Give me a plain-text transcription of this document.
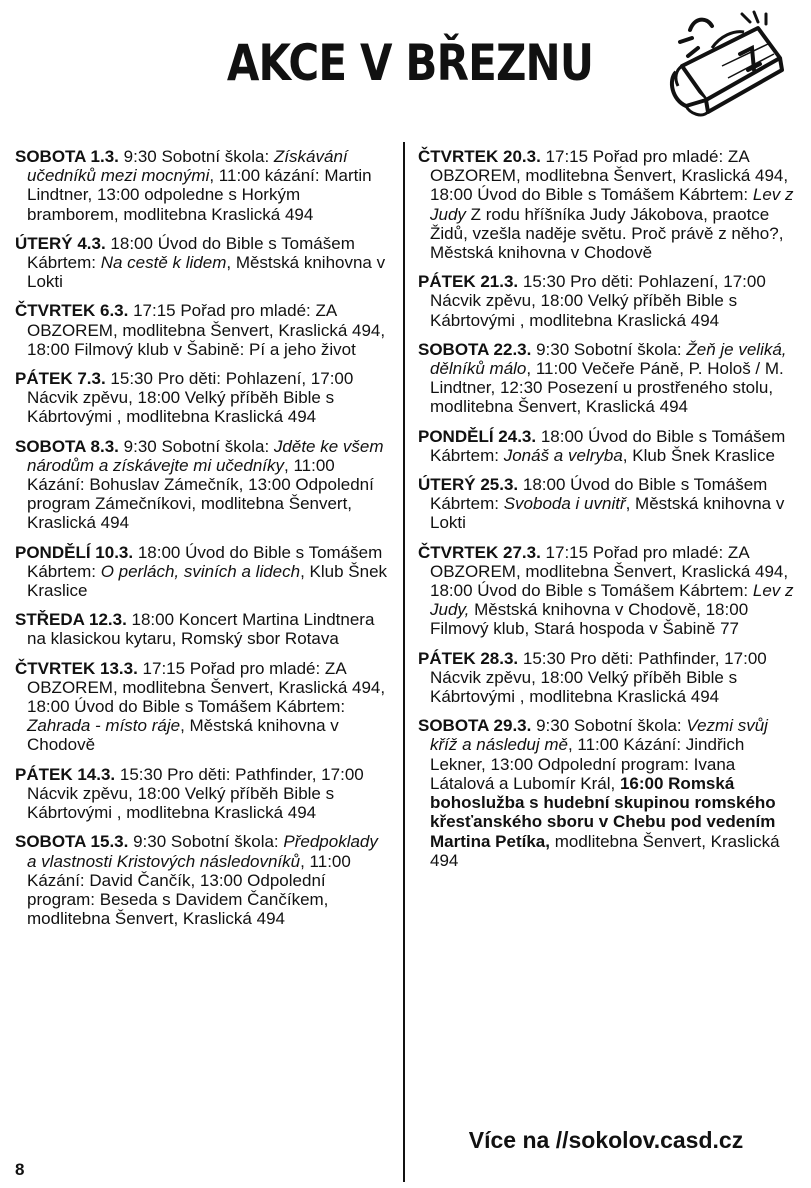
AKCE V BŘEZNU

SOBOTA 1.3. 9:30 Sobotní škola: Získávání učedníků mezi mocnými, 11:00 kázání: Martin Lindtner, 13:00 odpoledne s Horkým bramborem, modlitebna Kraslická 494

ÚTERÝ 4.3. 18:00 Úvod do Bible s Tomášem Kábrtem: Na cestě k lidem, Městská knihovna v Lokti

ČTVRTEK 6.3. 17:15 Pořad pro mladé: ZA OBZOREM, modlitebna Šenvert, Kraslická 494, 18:00 Filmový klub v Šabině: Pí a jeho život

PÁTEK 7.3. 15:30 Pro děti: Pohlazení, 17:00 Nácvik zpěvu, 18:00 Velký příběh Bible s Kábrtovými , modlitebna Kraslická 494

SOBOTA 8.3. 9:30 Sobotní škola: Jděte ke všem národům a získávejte mi učedníky, 11:00 Kázání: Bohuslav Zámečník, 13:00 Odpolední program Zámečníkovi, modlitebna Šenvert, Kraslická 494

PONDĚLÍ 10.3. 18:00 Úvod do Bible s Tomášem Kábrtem: O perlách, sviních a lidech, Klub Šnek Kraslice

STŘEDA 12.3. 18:00 Koncert Martina Lindtnera na klasickou kytaru, Romský sbor Rotava

ČTVRTEK 13.3. 17:15 Pořad pro mladé: ZA OBZOREM, modlitebna Šenvert, Kraslická 494, 18:00 Úvod do Bible s Tomášem Kábrtem: Zahrada - místo ráje, Městská knihovna v Chodově

PÁTEK 14.3. 15:30 Pro děti: Pathfinder, 17:00 Nácvik zpěvu, 18:00 Velký příběh Bible s Kábrtovými , modlitebna Kraslická 494

SOBOTA 15.3. 9:30 Sobotní škola: Předpoklady a vlastnosti Kristových následovníků, 11:00 Kázání: David Čančík, 13:00 Odpolední program: Beseda s Davidem Čančíkem, modlitebna Šenvert, Kraslická 494

ČTVRTEK 20.3. 17:15 Pořad pro mladé: ZA OBZOREM, modlitebna Šenvert, Kraslická 494, 18:00 Úvod do Bible s Tomášem Kábrtem: Lev z Judy Z rodu hříšníka Judy Jákobova, praotce Židů, vzešla naděje světu. Proč právě z něho?, Městská knihovna v Chodově

PÁTEK 21.3. 15:30 Pro děti: Pohlazení, 17:00 Nácvik zpěvu, 18:00 Velký příběh Bible s Kábrtovými , modlitebna Kraslická 494

SOBOTA 22.3. 9:30 Sobotní škola: Žeň je veliká, dělníků málo, 11:00 Večeře Páně, P. Hološ / M. Lindtner, 12:30 Posezení u prostřeného stolu, modlitebna Šenvert, Kraslická 494

PONDĚLÍ 24.3. 18:00 Úvod do Bible s Tomášem Kábrtem: Jonáš a velryba, Klub Šnek Kraslice

ÚTERÝ 25.3. 18:00 Úvod do Bible s Tomášem Kábrtem: Svoboda i uvnitř, Městská knihovna v Lokti

ČTVRTEK 27.3. 17:15 Pořad pro mladé: ZA OBZOREM, modlitebna Šenvert, Kraslická 494, 18:00 Úvod do Bible s Tomášem Kábrtem: Lev z Judy, Městská knihovna v Chodově, 18:00 Filmový klub, Stará hospoda v Šabině 77

PÁTEK 28.3. 15:30 Pro děti: Pathfinder, 17:00 Nácvik zpěvu, 18:00 Velký příběh Bible s Kábrtovými , modlitebna Kraslická 494

SOBOTA 29.3. 9:30 Sobotní škola: Vezmi svůj kříž a následuj mě, 11:00 Kázání: Jindřich Lekner, 13:00 Odpolední program: Ivana Látalová a Lubomír Král, 16:00 Romská bohoslužba s hudební skupinou romského křesťanského sboru v Chebu pod vedením Martina Petíka, modlitebna Šenvert, Kraslická 494

Více na //sokolov.casd.cz
8
